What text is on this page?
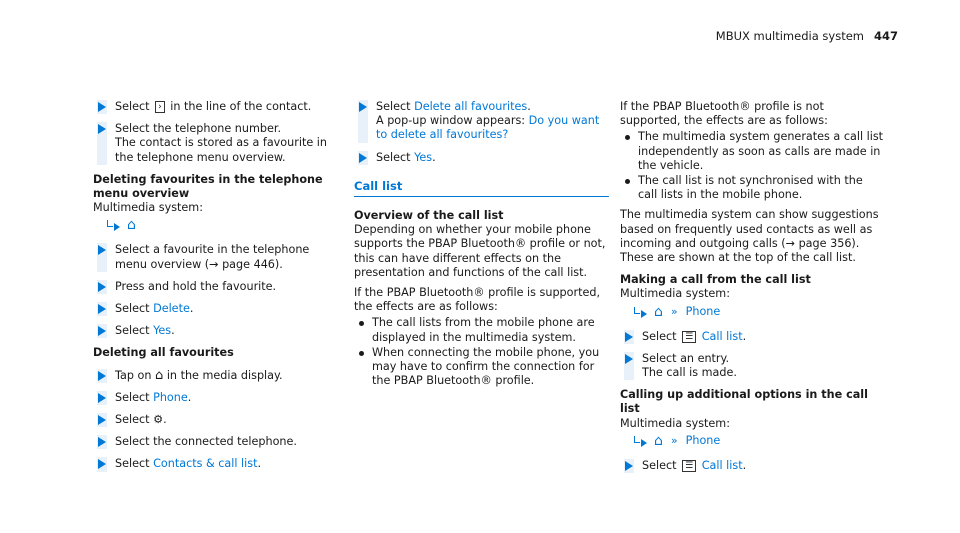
MBUX multimedia system 447
Select › in the line of the contact.
Select the telephone number.
The contact is stored as a favourite in the telephone menu overview.
Deleting favourites in the telephone menu overview
Multimedia system:
⌂
Select a favourite in the telephone menu overview (→ page 446).
Press and hold the favourite.
Select Delete.
Select Yes.
Deleting all favourites
Tap on ⌂ in the media display.
Select Phone.
Select ⚙.
Select the connected telephone.
Select Contacts & call list.
Select Delete all favourites.
A pop-up window appears: Do you want to delete all favourites?
Select Yes.
Call list
Overview of the call list
Depending on whether your mobile phone supports the PBAP Bluetooth® profile or not, this can have different effects on the presentation and functions of the call list.
If the PBAP Bluetooth® profile is supported, the effects are as follows:
The call lists from the mobile phone are displayed in the multimedia system.
When connecting the mobile phone, you may have to confirm the connection for the PBAP Bluetooth® profile.
If the PBAP Bluetooth® profile is not supported, the effects are as follows:
The multimedia system generates a call list independently as soon as calls are made in the vehicle.
The call list is not synchronised with the call lists in the mobile phone.
The multimedia system can show suggestions based on frequently used contacts as well as incoming and outgoing calls (→ page 356). These are shown at the top of the call list.
Making a call from the call list
Multimedia system:
⌂ » Phone
Select ☰ Call list.
Select an entry.
The call is made.
Calling up additional options in the call list
Multimedia system:
⌂ » Phone
Select ☰ Call list.
